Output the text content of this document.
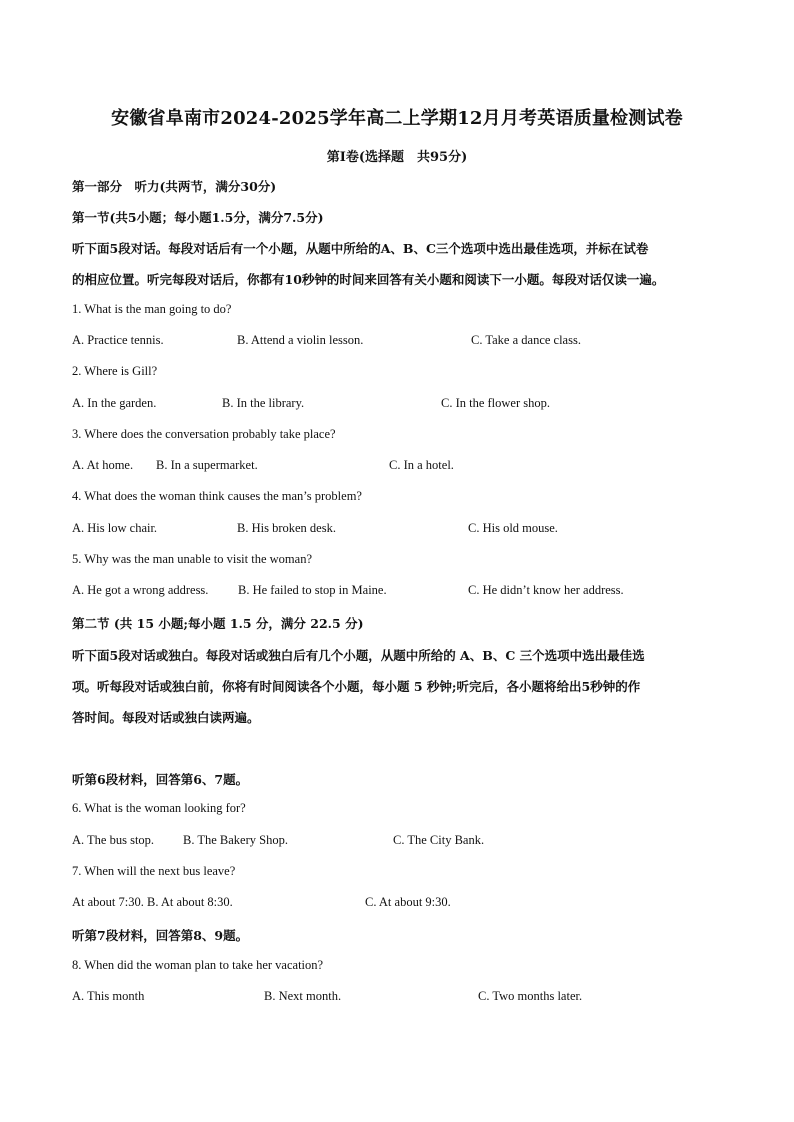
安徽省阜南市2024-2025学年高二上学期12月月考英语质量检测试卷
第Ⅰ卷(选择题　共95分)
第一部分　听力(共两节，满分30分)
第一节(共5小题；每小题1.5分，满分7.5分)
听下面5段对话。每段对话后有一个小题，从题中所给的A、B、C三个选项中选出最佳选项，并标在试卷
的相应位置。听完每段对话后，你都有10秒钟的时间来回答有关小题和阅读下一小题。每段对话仅读一遍。
1. What is the man going to do?
A. Practice tennis.	B. Attend a violin lesson.	C. Take a dance class.
2. Where is Gill?
A. In the garden.	B. In the library.	C. In the flower shop.
3. Where does the conversation probably take place?
A. At home. B. In a supermarket.	C. In a hotel.
4. What does the woman think causes the man’s problem?
A. His low chair.	B. His broken desk.	C. His old mouse.
5. Why was the man unable to visit the woman?
A. He got a wrong address. B. He failed to stop in Maine.	C. He didn’t know her address.
第二节 (共 15 小题;每小题 1.5 分，满分 22.5 分)
听下面5段对话或独白。每段对话或独白后有几个小题，从题中所给的 A、B、C 三个选项中选出最佳选
项。听每段对话或独白前，你将有时间阅读各个小题，每小题 5 秒钟;听完后，各小题将给出5秒钟的作
答时间。每段对话或独白读两遍。
听第6段材料，回答第6、7题。
6. What is the woman looking for?
A. The bus stop. B. The Bakery Shop.	C. The City Bank.
7. When will the next bus leave?
At about 7:30. B. At about 8:30.	C. At about 9:30.
听第7段材料，回答第8、9题。
8. When did the woman plan to take her vacation?
A. This month	B. Next month.	C. Two months later.
